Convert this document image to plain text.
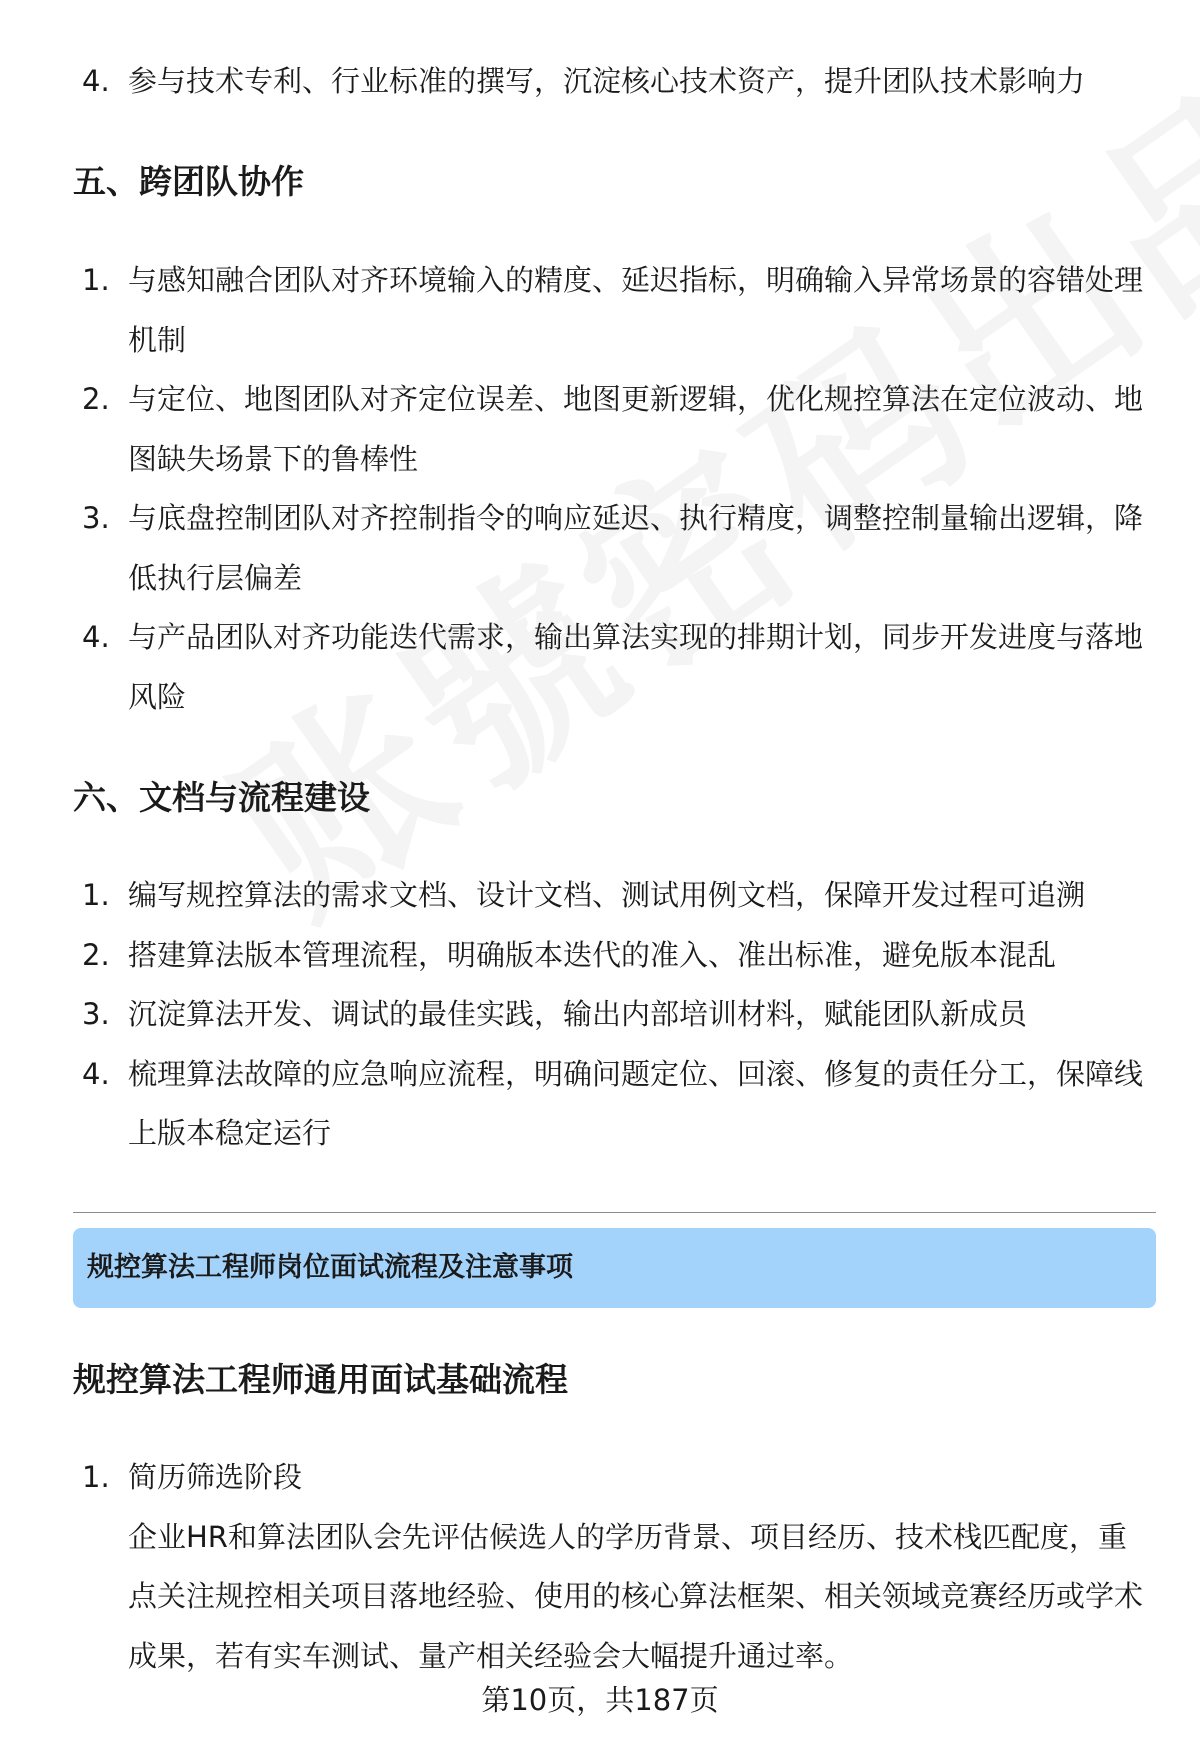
4. 参与技术专利、行业标准的撰写，沉淀核心技术资产，提升团队技术影响力
五、跨团队协作
1. 与感知融合团队对齐环境输入的精度、延迟指标，明确输入异常场景的容错处理机制
2. 与定位、地图团队对齐定位误差、地图更新逻辑，优化规控算法在定位波动、地图缺失场景下的鲁棒性
3. 与底盘控制团队对齐控制指令的响应延迟、执行精度，调整控制量输出逻辑，降低执行层偏差
4. 与产品团队对齐功能迭代需求，输出算法实现的排期计划，同步开发进度与落地风险
六、文档与流程建设
1. 编写规控算法的需求文档、设计文档、测试用例文档，保障开发过程可追溯
2. 搭建算法版本管理流程，明确版本迭代的准入、准出标准，避免版本混乱
3. 沉淀算法开发、调试的最佳实践，输出内部培训材料，赋能团队新成员
4. 梳理算法故障的应急响应流程，明确问题定位、回滚、修复的责任分工，保障线上版本稳定运行
规控算法工程师岗位面试流程及注意事项
规控算法工程师通用面试基础流程
1. 简历筛选阶段
企业HR和算法团队会先评估候选人的学历背景、项目经历、技术栈匹配度，重点关注规控相关项目落地经验、使用的核心算法框架、相关领域竞赛经历或学术成果，若有实车测试、量产相关经验会大幅提升通过率。
第10页，共187页
